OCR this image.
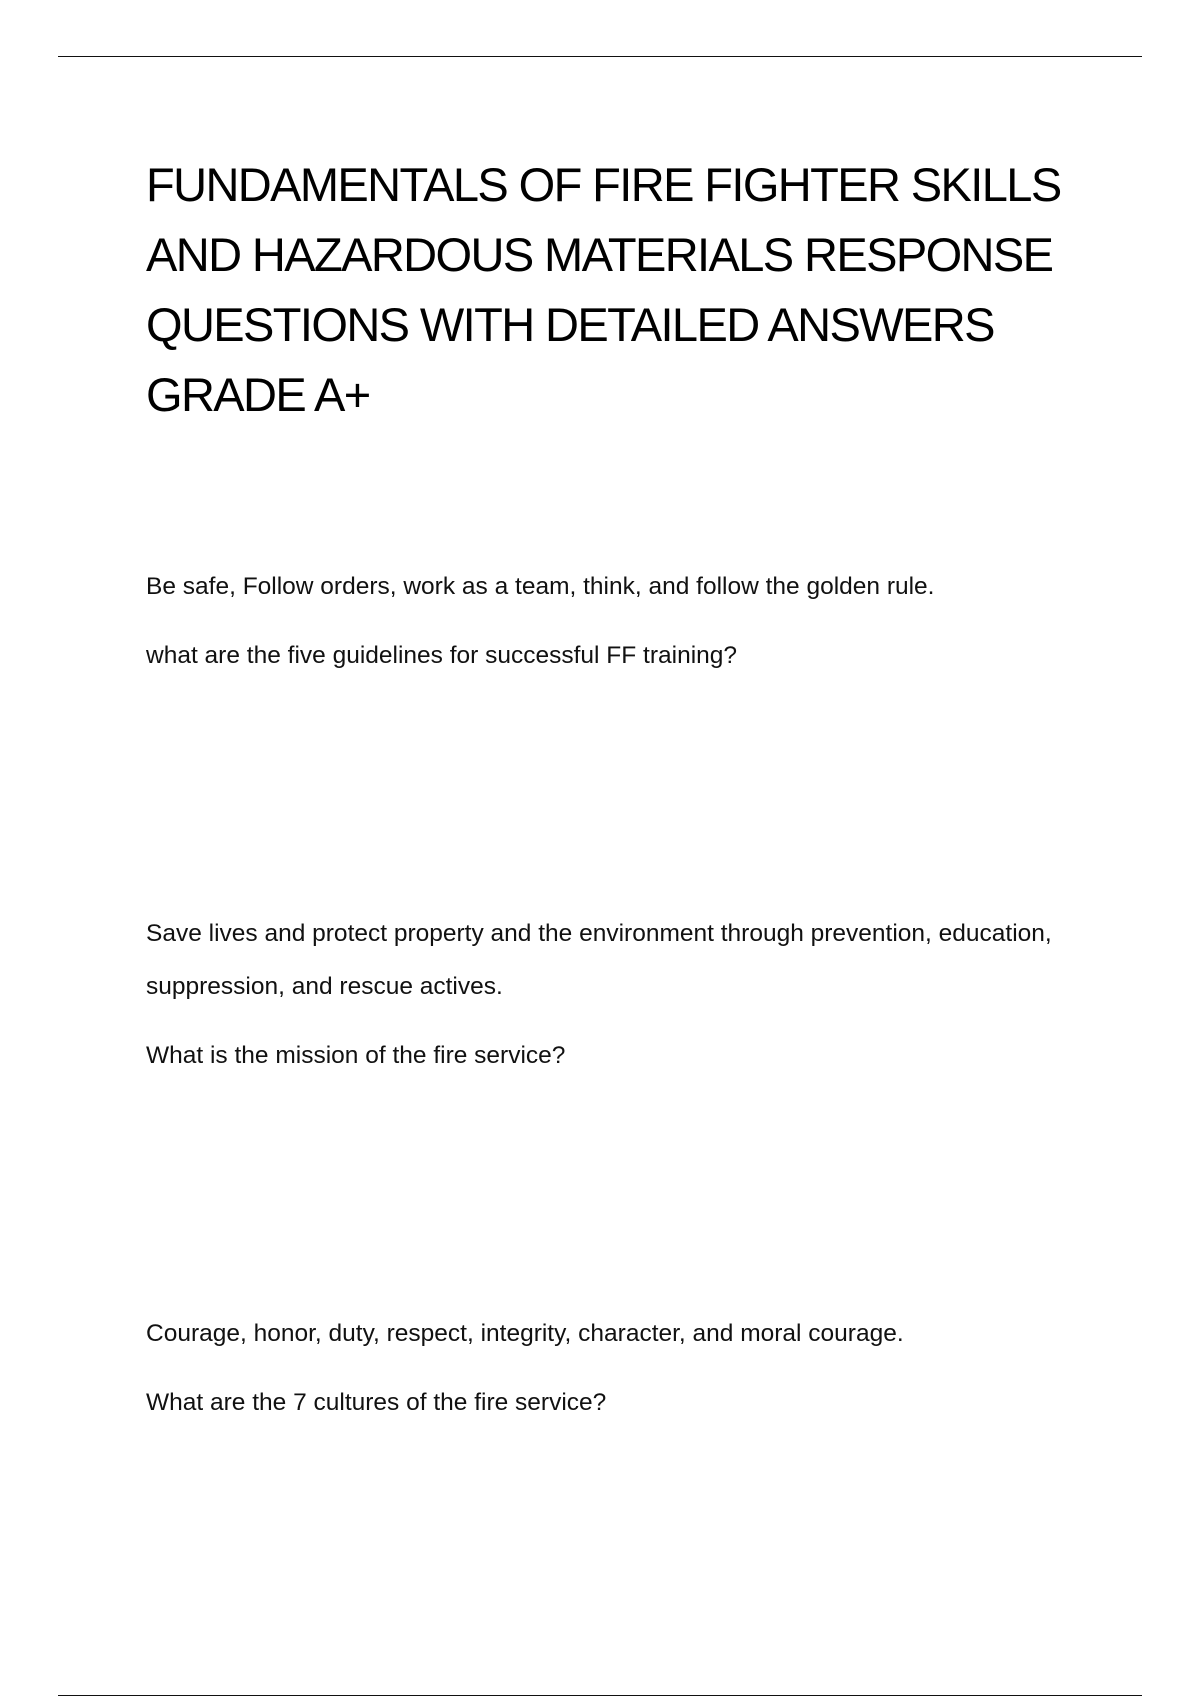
FUNDAMENTALS OF FIRE FIGHTER SKILLS AND HAZARDOUS MATERIALS RESPONSE QUESTIONS WITH DETAILED ANSWERS GRADE A+

Be safe, Follow orders, work as a team, think, and follow the golden rule.

what are the five guidelines for successful FF training?

Save lives and protect property and the environment through prevention, education, suppression, and rescue actives.

What is the mission of the fire service?

Courage, honor, duty, respect, integrity, character, and moral courage.

What are the 7 cultures of the fire service?
